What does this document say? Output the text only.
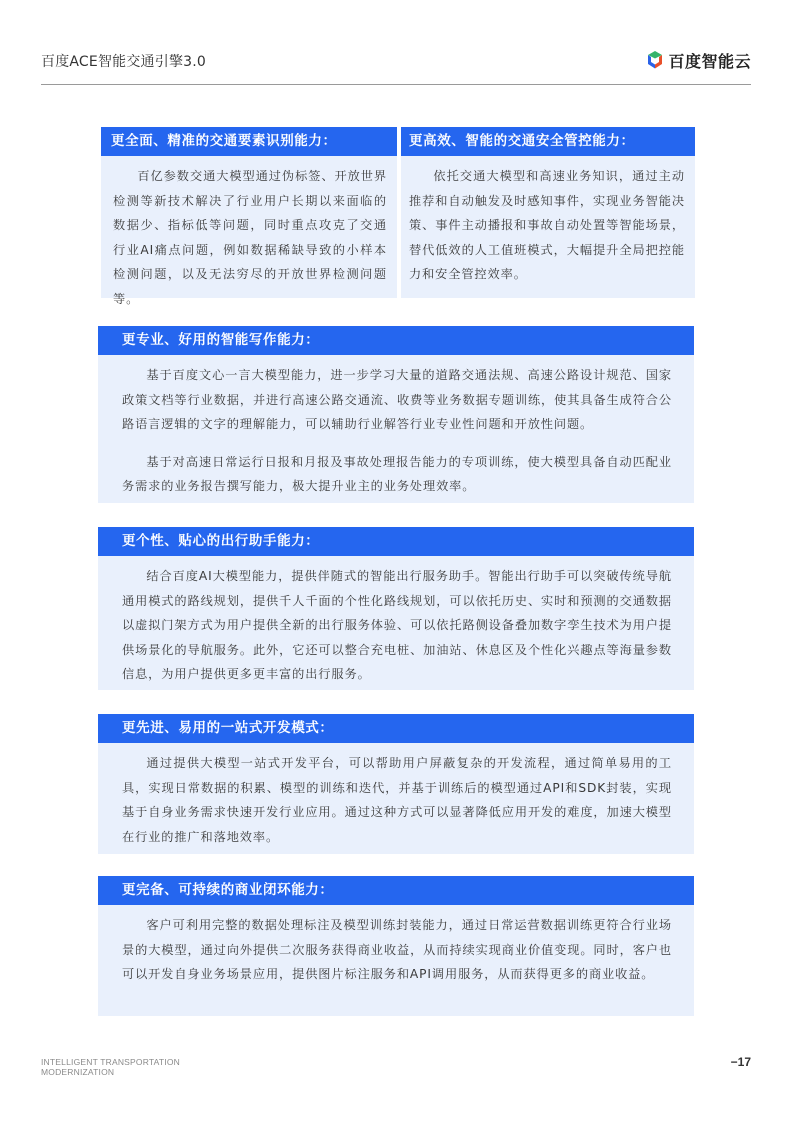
百度ACE智能交通引擎3.0	百度智能云
更全面、精准的交通要素识别能力：

百亿参数交通大模型通过伪标签、开放世界检测等新技术解决了行业用户长期以来面临的数据少、指标低等问题，同时重点攻克了交通行业AI痛点问题，例如数据稀缺导致的小样本检测问题，以及无法穷尽的开放世界检测问题等。

更高效、智能的交通安全管控能力：

依托交通大模型和高速业务知识，通过主动推荐和自动触发及时感知事件，实现业务智能决策、事件主动播报和事故自动处置等智能场景，替代低效的人工值班模式，大幅提升全局把控能力和安全管控效率。

更专业、好用的智能写作能力：

基于百度文心一言大模型能力，进一步学习大量的道路交通法规、高速公路设计规范、国家政策文档等行业数据，并进行高速公路交通流、收费等业务数据专题训练，使其具备生成符合公路语言逻辑的文字的理解能力，可以辅助行业解答行业专业性问题和开放性问题。

基于对高速日常运行日报和月报及事故处理报告能力的专项训练，使大模型具备自动匹配业务需求的业务报告撰写能力，极大提升业主的业务处理效率。

更个性、贴心的出行助手能力：

结合百度AI大模型能力，提供伴随式的智能出行服务助手。智能出行助手可以突破传统导航通用模式的路线规划，提供千人千面的个性化路线规划，可以依托历史、实时和预测的交通数据以虚拟门架方式为用户提供全新的出行服务体验、可以依托路侧设备叠加数字孪生技术为用户提供场景化的导航服务。此外，它还可以整合充电桩、加油站、休息区及个性化兴趣点等海量参数信息，为用户提供更多更丰富的出行服务。

更先进、易用的一站式开发模式：

通过提供大模型一站式开发平台，可以帮助用户屏蔽复杂的开发流程，通过简单易用的工具，实现日常数据的积累、模型的训练和迭代，并基于训练后的模型通过API和SDK封装，实现基于自身业务需求快速开发行业应用。通过这种方式可以显著降低应用开发的难度，加速大模型在行业的推广和落地效率。

更完备、可持续的商业闭环能力：

客户可利用完整的数据处理标注及模型训练封装能力，通过日常运营数据训练更符合行业场景的大模型，通过向外提供二次服务获得商业收益，从而持续实现商业价值变现。同时，客户也可以开发自身业务场景应用，提供图片标注服务和API调用服务，从而获得更多的商业收益。

INTELLIGENT TRANSPORTATION
MODERNIZATION
−17
